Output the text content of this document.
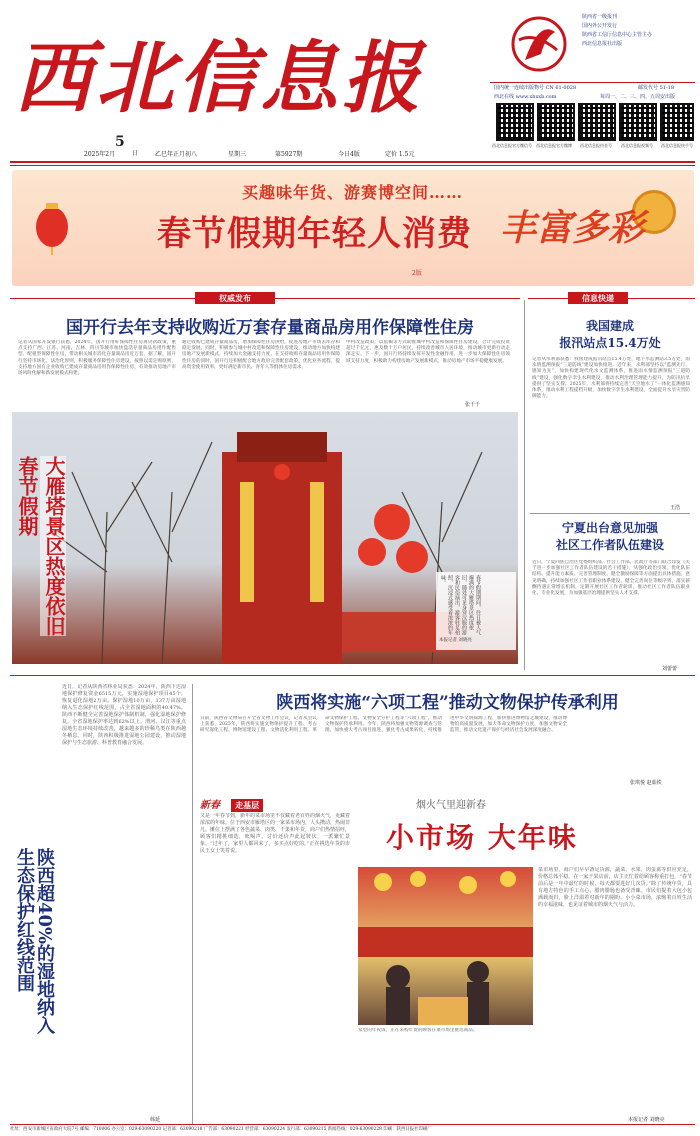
西北信息报
陕西省一级报刊
国内外公开发行
陕西省工信厅信息中心主管主办
西北信息报社出版
国内统一连续出版物号 CN 61-0028	邮发代号 51-18
西北在线 www.xbxxb.com	每周一、二、三、四、五周安出版
西北信息报官方微信号	西北信息报官方微博	西北信息报抖音号	西北信息报视频号	西北信息报快手号
5
日
2025年2月	乙巳年正月初八	星期三	第5927期	今日4版	定价 1.5元
买趣味年货、游赛博空间……
春节假期年轻人消费 丰富多彩
2版
权威发布	信息快递
国开行去年支持收购近万套存量商品房用作保障性住房
记者从国家开发银行获悉，2024年，国开行用好保障性住房再贷款政策，重点支持广西、江苏、河南、吉林、四川等城市加快盘活存量商品房用作配售型、配租型保障性住房，带动相关城市消化存量商品房近万套。据了解，国开行坚持市场化、法治化原则，积极服务保障性住房建设，按照以需定购原则，支持地方国有企业收购已建成存量商品房用作保障性住房，有效推动房地产市场风险化解和新发展模式构建。
通过收购已建成存量商品房，增加保障性住房供给，促进房地产市场去库存和稳定发展。同时，积极参与城中村改造和保障性住房建设，推动地方加快构建房地产发展新模式，持续加大金融支持力度。在支持收购存量商品房用作保障性住房的同时，国开行还积极配合地方政府完善配套政策，优化业务流程，提高资金使用效率，更好满足新市民、青年人等群体住房需求。
中村改造政策，以依赖等方式助推城中村改造和保障性住房建设，合计完成投资超过千亿元，惠及数十万户居民，持续改善城市人居环境，推动城市更新行动走深走实。下一步，国开行将持续发挥开发性金融作用，进一步加大保障性住房领域支持力度，积极助力构建房地产发展新模式，推动房地产市场平稳健康发展。
张千千
春节假期 大雁塔景区热度依旧	春节假期期间，往日被人气爆满的大雁塔景区热度依旧，随处可见身穿汉服的游客和民俗演出，游客驻足拍照，沉浸式感受着浓浓的年味。
本报记者 刘晓亮
我国建成
报汛站点15.4万处
记者从水利部获悉：我国建成报汛站点15.4万处，地下水监测站3.5万处，雨水情监测预报“三道防线”建设加快推进。近年来，水利部坚持以“监测先行、感知为先”，加快构建现代化水文监测体系，推进雨水情监测预报“三道防线”建设，强化数字孪生水利建设，推动水利治理管理能力提升，为防汛抗旱提供了坚实支撑。2025年，水利部将持续完善“天空地水工”一体化监测感知体系，推动水利工程提档升级，加快数字孪生水利建设，全面提升水旱灾害防御能力。
王浩
宁夏出台意见加强
社区工作者队伍建设
近日，宁夏回族自治区党委组织部、社会工作部、民政厅等部门联合印发《关于进一步加强社区工作者队伍建设的若干措施》，从强化政治引领、优化队伍结构、提升能力素质、完善管理制度、健全激励保障等方面提出具体措施。意见明确，持续加强社区工作者职业体系建设，健全完善岗位等级序列，落实薪酬待遇正常增长机制，定期开展社区工作者轮训，推动社区工作者队伍职业化、专业化发展，为加强基层治理提供坚实人才支撑。
刘蕾蕾
陕西超40%的湿地纳入
生态保护红线范围
近日，记者从陕西省林业局获悉：2024年，陕西下达湿地保护修复资金6515万元，实施湿地保护项目45个，恢复退化湿地2万亩。保护湿地10万亩，137万亩湿地纳入生态保护红线范围，占全省湿地面积的40.47%。陕西不断健全完善湿地保护体制机制，强化湿地保护修复，全省湿地保护率达到62%以上。渭河、汉江等重点湿地生态环境持续改善，越来越多的珍稀鸟类在陕西越冬栖息。同时，陕西积极推进湿地公园建设，推动湿地保护与生态旅游、科普教育融合发展。
韩延
陕西将实施“六项工程”推动文物保护传承利用
日前，陕西省文物局召开全省文物工作会议，记者从会议上获悉，2025年，陕西将实施文物保护提升工程、考古研究深化工程、博物馆建设工程、文物活化利用工程、革命文物保护工程、文物安全守护工程等“六项工程”，推动文物保护传承利用。今年，陕西将加强文物资源调查与管理，加快重大考古项目推进，强化考古成果转化，持续推进中华文明探源工程，加快推进博物馆之城建设，推动博物馆高质量发展，加大革命文物保护力度，加强文物安全监管，推动文化遗产保护与经济社会发展深度融合。
张琪悦 赵茹铁
新春 走基层
又是一年春节到，新年的菜市场里不仅藏着老百姓的烟火气，更藏着浓浓的年味。位于西安市雁塔区的一家菜市场内，人头攒动，热闹非凡。摊位上摆满了各色蔬菜、肉类、干果和年货，商户们热情招呼，顾客们精挑细选，吆喝声、讨价还价声此起彼伏，一派繁忙景象。“过年了，家里人都回来了，多买点好吃的。”正在挑选年货的市民王女士笑着说。
烟火气里迎新春
小市场 大年味
家里的年夜饭，正在采购年货的顾客在菜市场里挑选商品。
菜市场里，商户们早早备足货源，蔬菜、水果、肉蛋禽等供应充足，价格总体平稳。在一家干果店前，店主正忙着给顾客称重打包，“春节前后是一年中最忙的时候，每天都要进好几次货。”除了传统年货，具有地方特色的手工点心、腊肉腊肠也备受青睐。市民们提着大包小包满载而归，脸上洋溢着对新年的期盼。小小菜市场，浓缩着百姓生活的幸福滋味，也见证着城市的烟火气与活力。
本报记者 刘晓亮
社址：西安市新城区省政府大院7号 邮编：710006 办公室：029-63090220 记者部：63090218 广告部：63090221 经营部：63090224 发行部：63090215 新闻热线：029-63090228 印刷：陕西日报社印刷厂
